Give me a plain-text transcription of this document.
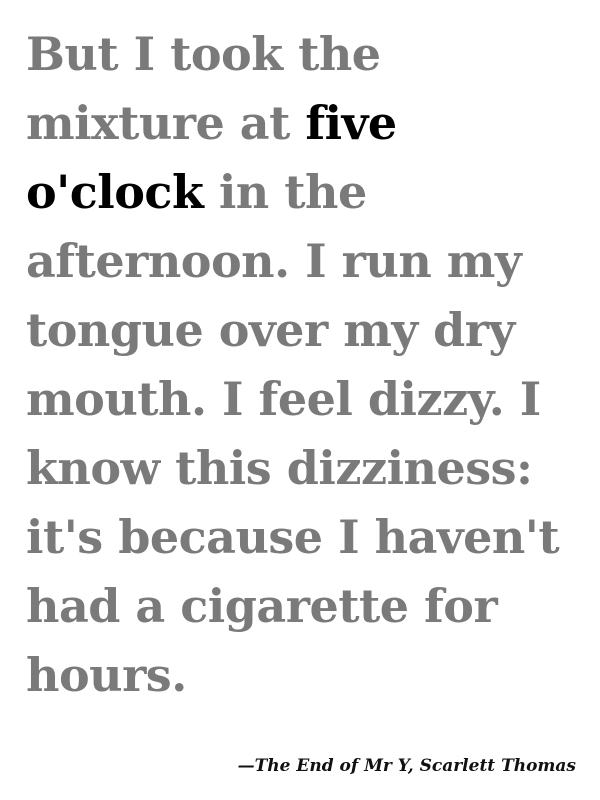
But I took the mixture at five o'clock in the afternoon. I run my tongue over my dry mouth. I feel dizzy. I know this dizziness: it's because I haven't had a cigarette for hours.

—The End of Mr Y, Scarlett Thomas
